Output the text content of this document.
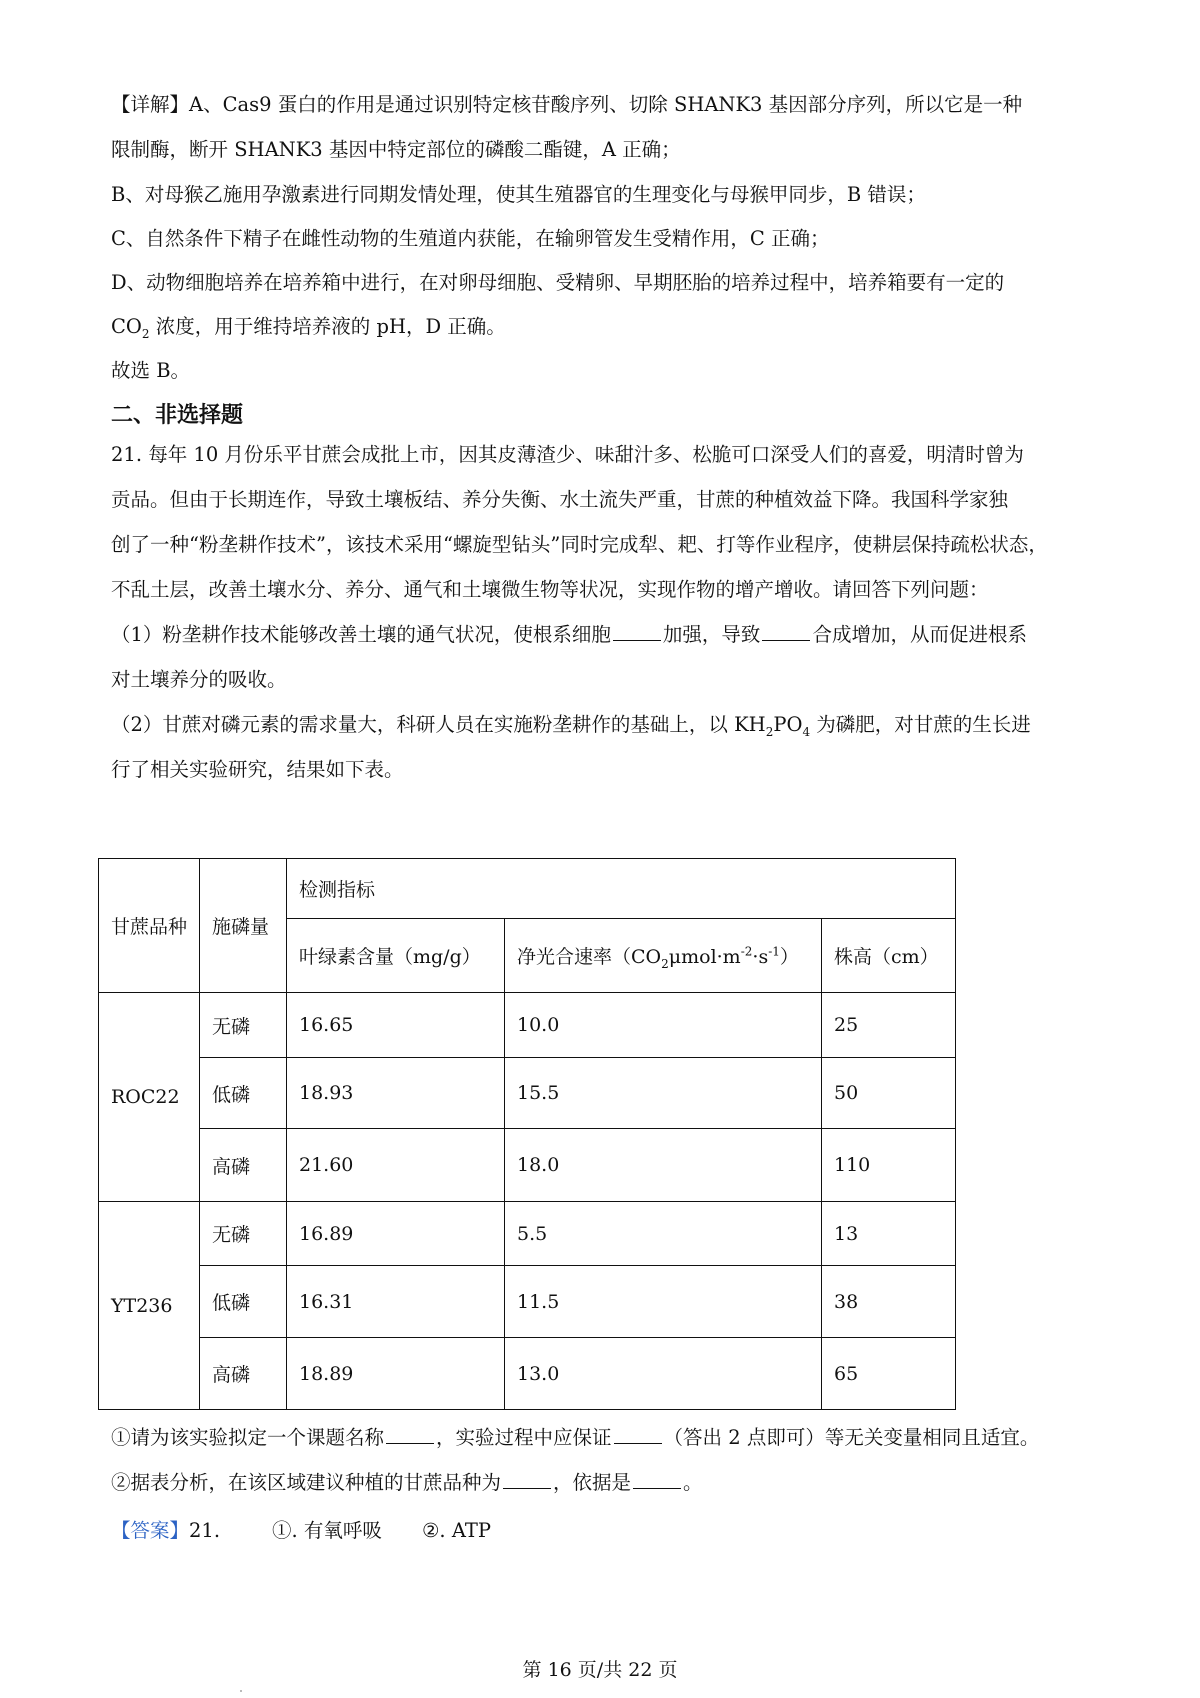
【详解】A、Cas9 蛋白的作用是通过识别特定核苷酸序列、切除 SHANK3 基因部分序列，所以它是一种
限制酶，断开 SHANK3 基因中特定部位的磷酸二酯键，A 正确；
B、对母猴乙施用孕激素进行同期发情处理，使其生殖器官的生理变化与母猴甲同步，B 错误；
C、自然条件下精子在雌性动物的生殖道内获能，在输卵管发生受精作用，C 正确；
D、动物细胞培养在培养箱中进行，在对卵母细胞、受精卵、早期胚胎的培养过程中，培养箱要有一定的
$CO_2$ 浓度，用于维持培养液的 pH，D 正确。
故选 B。
二、非选择题
21. 每年 10 月份乐平甘蔗会成批上市，因其皮薄渣少、味甜汁多、松脆可口深受人们的喜爱，明清时曾为
贡品。但由于长期连作，导致土壤板结、养分失衡、水土流失严重，甘蔗的种植效益下降。我国科学家独
创了一种“粉垄耕作技术”，该技术采用“螺旋型钻头”同时完成犁、耙、打等作业程序，使耕层保持疏松状态，
不乱土层，改善土壤水分、养分、通气和土壤微生物等状况，实现作物的增产增收。请回答下列问题：
（1）粉垄耕作技术能够改善土壤的通气状况，使根系细胞	加强，导致	合成增加，从而促进根系
对土壤养分的吸收。
（2）甘蔗对磷元素的需求量大，科研人员在实施粉垄耕作的基础上，以 $KH_2PO_4$ 为磷肥，对甘蔗的生长进
行了相关实验研究，结果如下表。
甘蔗品种	施磷量	检测指标		
		叶绿素含量（mg/g）	净光合速率$(CO_2\mu mol\cdot m^{-2}\cdot s^{-1})$	株高（cm）
ROC22	无磷	16.65	10.0	25
	低磷	18.93	15.5	50
	高磷	21.60	18.0	110
YT236	无磷	16.89	5.5	13
	低磷	16.31	11.5	38
	高磷	18.89	13.0	65
①请为该实验拟定一个课题名称	，实验过程中应保证	（答出 2 点即可）等无关变量相同且适宜。
②据表分析，在该区域建议种植的甘蔗品种为	，依据是	。
【答案】21.	①. 有氧呼吸 ②. ATP
第 16 页/共 22 页
